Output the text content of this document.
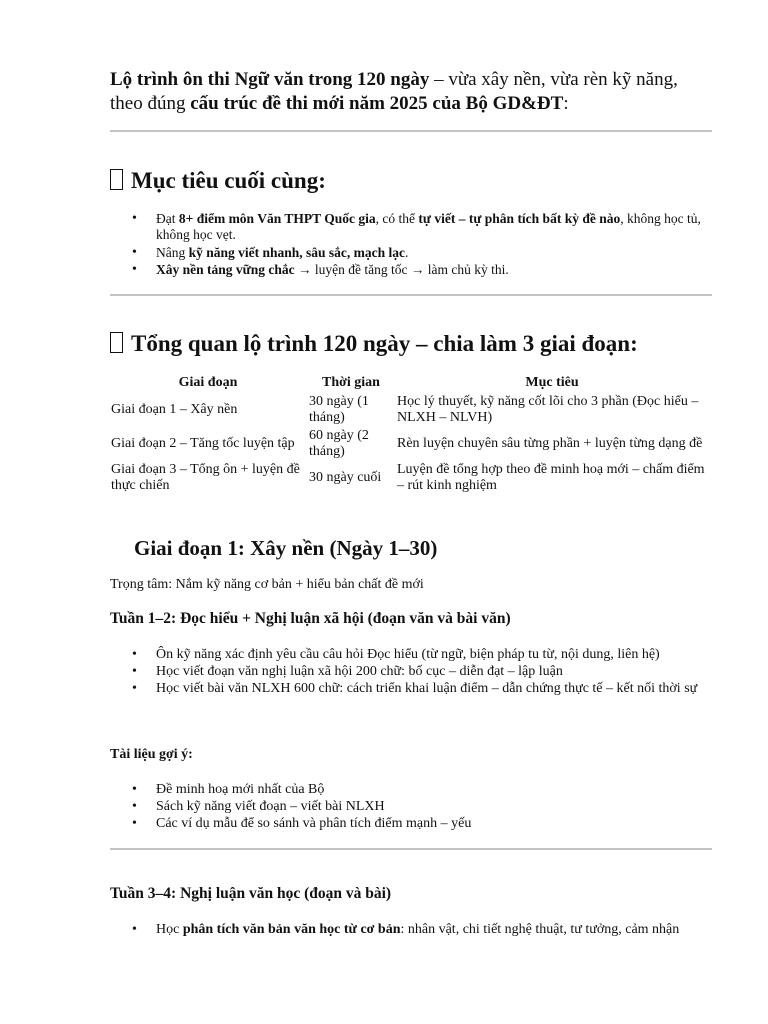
Lộ trình ôn thi Ngữ văn trong 120 ngày – vừa xây nền, vừa rèn kỹ năng, theo đúng cấu trúc đề thi mới năm 2025 của Bộ GD&ĐT:
Mục tiêu cuối cùng:
• Đạt 8+ điểm môn Văn THPT Quốc gia, có thể tự viết – tự phân tích bất kỳ đề nào, không học tủ, không học vẹt.
• Nâng kỹ năng viết nhanh, sâu sắc, mạch lạc.
• Xây nền tảng vững chắc → luyện đề tăng tốc → làm chủ kỳ thi.
Tổng quan lộ trình 120 ngày – chia làm 3 giai đoạn:
Giai đoạn	Thời gian	Mục tiêu
Giai đoạn 1 – Xây nền	30 ngày (1 tháng)	Học lý thuyết, kỹ năng cốt lõi cho 3 phần (Đọc hiểu – NLXH – NLVH)
Giai đoạn 2 – Tăng tốc luyện tập	60 ngày (2 tháng)	Rèn luyện chuyên sâu từng phần + luyện từng dạng đề
Giai đoạn 3 – Tổng ôn + luyện đề thực chiến	30 ngày cuối	Luyện đề tổng hợp theo đề minh hoạ mới – chấm điểm – rút kinh nghiệm
Giai đoạn 1: Xây nền (Ngày 1–30)
Trọng tâm: Nắm kỹ năng cơ bản + hiểu bản chất đề mới
Tuần 1–2: Đọc hiểu + Nghị luận xã hội (đoạn văn và bài văn)
• Ôn kỹ năng xác định yêu cầu câu hỏi Đọc hiểu (từ ngữ, biện pháp tu từ, nội dung, liên hệ)
• Học viết đoạn văn nghị luận xã hội 200 chữ: bố cục – diễn đạt – lập luận
• Học viết bài văn NLXH 600 chữ: cách triển khai luận điểm – dẫn chứng thực tế – kết nối thời sự
Tài liệu gợi ý:
• Đề minh hoạ mới nhất của Bộ
• Sách kỹ năng viết đoạn – viết bài NLXH
• Các ví dụ mẫu để so sánh và phân tích điểm mạnh – yếu
Tuần 3–4: Nghị luận văn học (đoạn và bài)
• Học phân tích văn bản văn học từ cơ bản: nhân vật, chi tiết nghệ thuật, tư tưởng, cảm nhận
